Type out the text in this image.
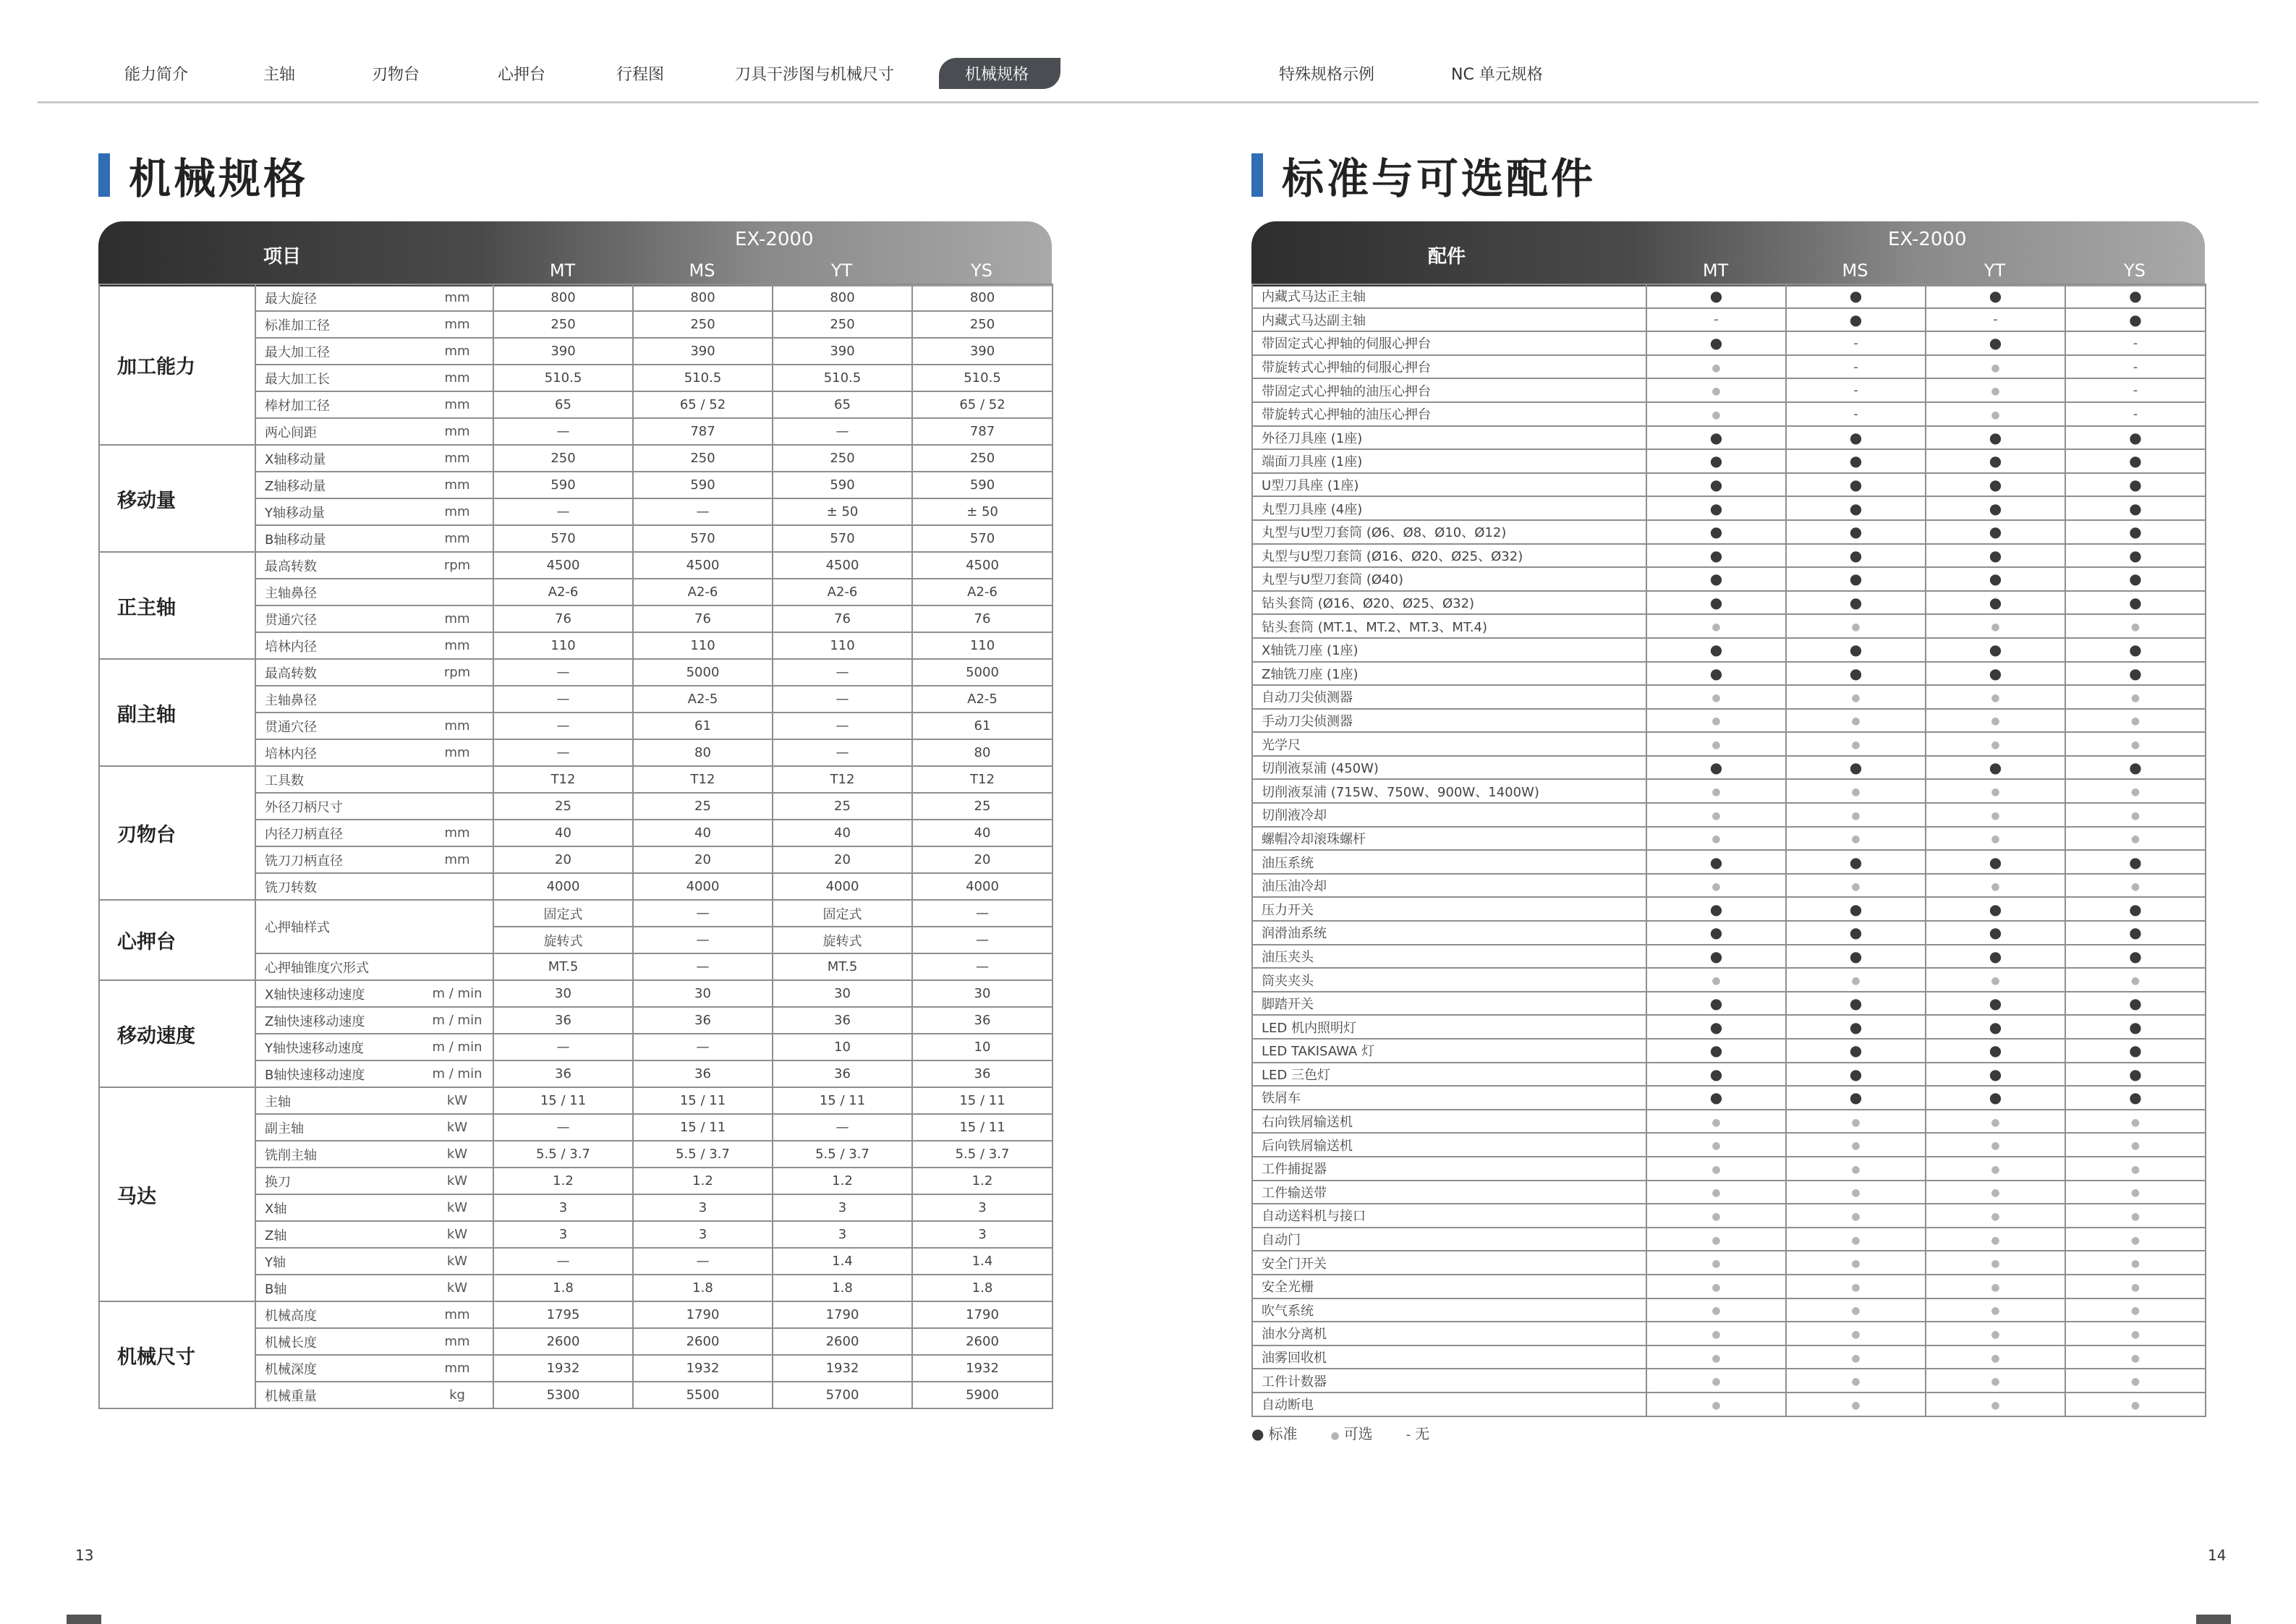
能力简介	主轴	刃物台	心押台	行程图	刀具干涉图与机械尺寸	机械规格	特殊规格示例	NC 单元规格
机械规格	标准与可选配件
项目
EX-2000
MT	MS	YT	YS
加工能力	最大旋径	mm	800	800	800	800
	标准加工径	mm	250	250	250	250
	最大加工径	mm	390	390	390	390
	最大加工长	mm	510.5	510.5	510.5	510.5
	棒材加工径	mm	65	65 / 52	65	65 / 52
	两心间距	mm	—	787	—	787
移动量	X轴移动量	mm	250	250	250	250
	Z轴移动量	mm	590	590	590	590
	Y轴移动量	mm	—	—	± 50	± 50
	B轴移动量	mm	570	570	570	570
正主轴	最高转数	rpm	4500	4500	4500	4500
	主轴鼻径		A2-6	A2-6	A2-6	A2-6
	贯通穴径	mm	76	76	76	76
	培林内径	mm	110	110	110	110
副主轴	最高转数	rpm	—	5000	—	5000
	主轴鼻径		—	A2-5	—	A2-5
	贯通穴径	mm	—	61	—	61
	培林内径	mm	—	80	—	80
刃物台	工具数		T12	T12	T12	T12
	外径刀柄尺寸		25	25	25	25
	内径刀柄直径	mm	40	40	40	40
	铣刀刀柄直径	mm	20	20	20	20
	铣刀转数		4000	4000	4000	4000
心押台	心押轴样式		固定式	—	固定式	—
			旋转式	—	旋转式	—
	心押轴锥度穴形式		MT.5	—	MT.5	—
移动速度	X轴快速移动速度	m / min	30	30	30	30
	Z轴快速移动速度	m / min	36	36	36	36
	Y轴快速移动速度	m / min	—	—	10	10
	B轴快速移动速度	m / min	36	36	36	36
马达	主轴	kW	15 / 11	15 / 11	15 / 11	15 / 11
	副主轴	kW	—	15 / 11	—	15 / 11
	铣削主轴	kW	5.5 / 3.7	5.5 / 3.7	5.5 / 3.7	5.5 / 3.7
	换刀	kW	1.2	1.2	1.2	1.2
	X轴	kW	3	3	3	3
	Z轴	kW	3	3	3	3
	Y轴	kW	—	—	1.4	1.4
	B轴	kW	1.8	1.8	1.8	1.8
机械尺寸	机械高度	mm	1795	1790	1790	1790
	机械长度	mm	2600	2600	2600	2600
	机械深度	mm	1932	1932	1932	1932
	机械重量	kg	5300	5500	5700	5900
配件
EX-2000
MT	MS	YT	YS
内藏式马达正主轴	●	●	●	●
内藏式马达副主轴	-	●	-	●
带固定式心押轴的伺服心押台	●	-	●	-
带旋转式心押轴的伺服心押台	●	-	●	-
带固定式心押轴的油压心押台	●	-	●	-
带旋转式心押轴的油压心押台	●	-	●	-
外径刀具座 (1座)	●	●	●	●
端面刀具座 (1座)	●	●	●	●
U型刀具座 (1座)	●	●	●	●
丸型刀具座 (4座)	●	●	●	●
丸型与U型刀套筒 (Ø6、Ø8、Ø10、Ø12)	●	●	●	●
丸型与U型刀套筒 (Ø16、Ø20、Ø25、Ø32)	●	●	●	●
丸型与U型刀套筒 (Ø40)	●	●	●	●
钻头套筒 (Ø16、Ø20、Ø25、Ø32)	●	●	●	●
钻头套筒 (MT.1、MT.2、MT.3、MT.4)	●	●	●	●
X轴铣刀座 (1座)	●	●	●	●
Z轴铣刀座 (1座)	●	●	●	●
自动刀尖侦测器	●	●	●	●
手动刀尖侦测器	●	●	●	●
光学尺	●	●	●	●
切削液泵浦 (450W)	●	●	●	●
切削液泵浦 (715W、750W、900W、1400W)	●	●	●	●
切削液冷却	●	●	●	●
螺帽冷却滚珠螺杆	●	●	●	●
油压系统	●	●	●	●
油压油冷却	●	●	●	●
压力开关	●	●	●	●
润滑油系统	●	●	●	●
油压夹头	●	●	●	●
筒夹夹头	●	●	●	●
脚踏开关	●	●	●	●
LED 机内照明灯	●	●	●	●
LED TAKISAWA 灯	●	●	●	●
LED 三色灯	●	●	●	●
铁屑车	●	●	●	●
右向铁屑输送机	●	●	●	●
后向铁屑输送机	●	●	●	●
工件捕捉器	●	●	●	●
工件输送带	●	●	●	●
自动送料机与接口	●	●	●	●
自动门	●	●	●	●
安全门开关	●	●	●	●
安全光栅	●	●	●	●
吹气系统	●	●	●	●
油水分离机	●	●	●	●
油雾回收机	●	●	●	●
工件计数器	●	●	●	●
自动断电	●	●	●	●
● 标准	● 可选	- 无
13	14
